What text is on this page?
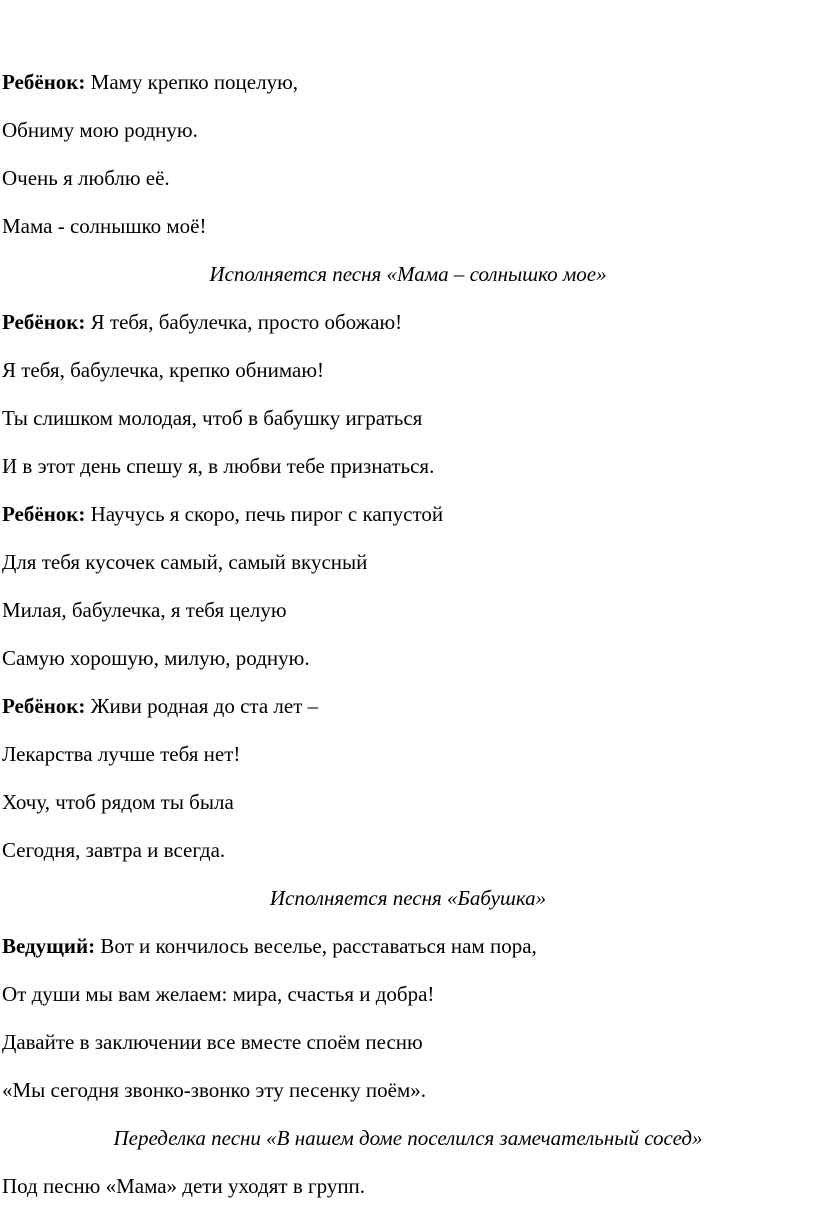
Ребёнок: Маму крепко поцелую,
Обниму мою родную.
Очень я люблю её.
Мама - солнышко моё!
Исполняется песня «Мама – солнышко мое»
Ребёнок: Я тебя, бабулечка, просто обожаю!
Я тебя, бабулечка, крепко обнимаю!
Ты слишком молодая, чтоб в бабушку играться
И в этот день спешу я, в любви тебе признаться.
Ребёнок: Научусь я скоро, печь пирог с капустой
Для тебя кусочек самый, самый вкусный
Милая, бабулечка, я тебя целую
Самую хорошую, милую, родную.
Ребёнок: Живи родная до ста лет –
Лекарства лучше тебя нет!
Хочу, чтоб рядом ты была
Сегодня, завтра и всегда.
Исполняется песня «Бабушка»
Ведущий: Вот и кончилось веселье, расставаться нам пора,
От души мы вам желаем: мира, счастья и добра!
Давайте в заключении все вместе споём песню
«Мы сегодня звонко-звонко эту песенку поём».
Переделка песни «В нашем доме поселился замечательный сосед»
Под песню «Мама» дети уходят в групп.
